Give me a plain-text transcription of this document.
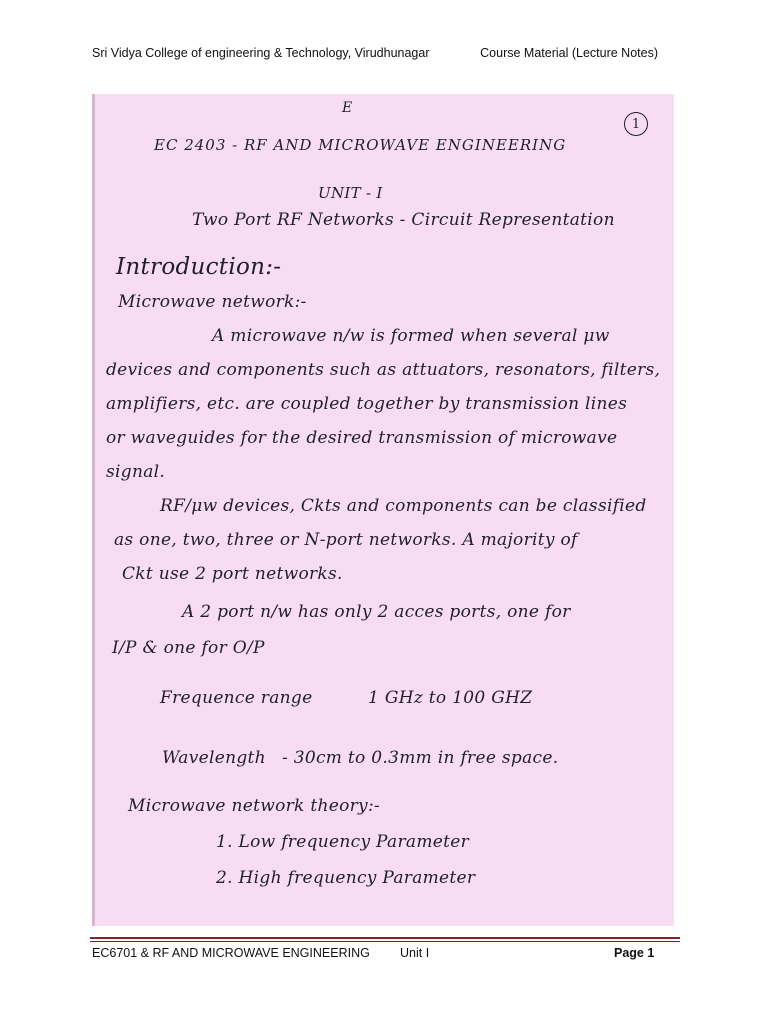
Sri Vidya College of engineering & Technology, Virudhunagar	Course Material (Lecture Notes)
E
1
EC 2403 - RF AND MICROWAVE ENGINEERING
UNIT - I
Two Port RF Networks - Circuit Representation
Introduction:-
Microwave network:-
A microwave n/w is formed when several μw
devices and components such as attuators, resonators, filters,
amplifiers, etc. are coupled together by transmission lines
or waveguides for the desired transmission of microwave
signal.
RF/μw devices, Ckts and components can be classified
as one, two, three or N-port networks. A majority of
Ckt use 2 port networks.
A 2 port n/w has only 2 acces ports, one for
I/P & one for O/P
Frequence range	1 GHz to 100 GHZ
Wavelength - 30cm to 0.3mm in free space.
Microwave network theory:-
1. Low frequency Parameter
2. High frequency Parameter
EC6701 & RF AND MICROWAVE ENGINEERING Unit I	Page 1
